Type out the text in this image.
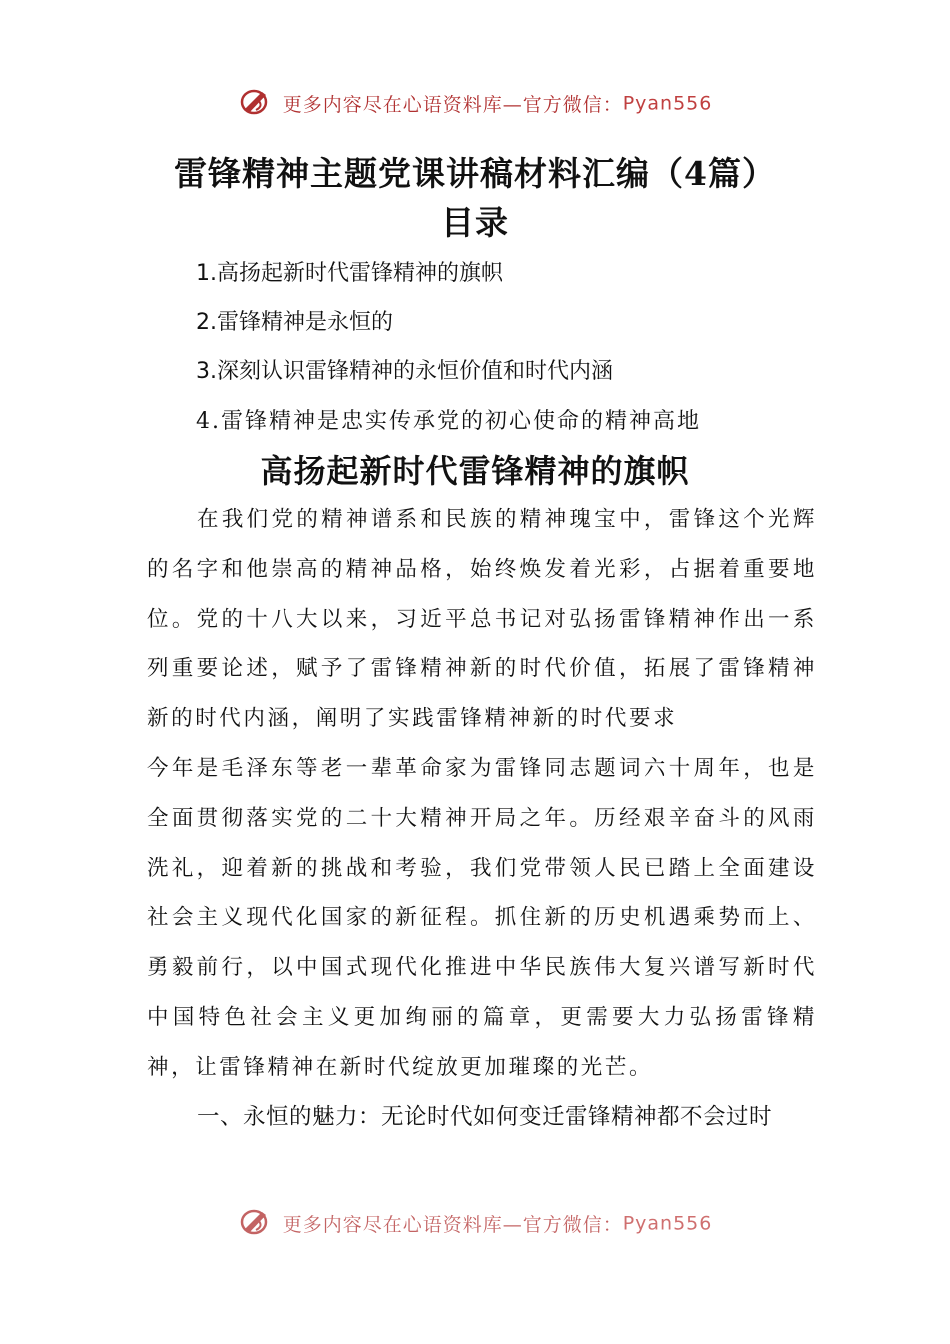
更多内容尽在心语资料库—官方微信：Pyan556
雷锋精神主题党课讲稿材料汇编（4篇）
目录
1.高扬起新时代雷锋精神的旗帜
2.雷锋精神是永恒的
3.深刻认识雷锋精神的永恒价值和时代内涵
4.雷锋精神是忠实传承党的初心使命的精神高地
高扬起新时代雷锋精神的旗帜

在我们党的精神谱系和民族的精神瑰宝中，雷锋这个光辉的名字和他崇高的精神品格，始终焕发着光彩，占据着重要地位。党的十八大以来，习近平总书记对弘扬雷锋精神作出一系列重要论述，赋予了雷锋精神新的时代价值，拓展了雷锋精神新的时代内涵，阐明了实践雷锋精神新的时代要求

今年是毛泽东等老一辈革命家为雷锋同志题词六十周年，也是全面贯彻落实党的二十大精神开局之年。历经艰辛奋斗的风雨洗礼，迎着新的挑战和考验，我们党带领人民已踏上全面建设社会主义现代化国家的新征程。抓住新的历史机遇乘势而上、勇毅前行，以中国式现代化推进中华民族伟大复兴谱写新时代中国特色社会主义更加绚丽的篇章，更需要大力弘扬雷锋精神，让雷锋精神在新时代绽放更加璀璨的光芒。

一、永恒的魅力：无论时代如何变迁雷锋精神都不会过时
更多内容尽在心语资料库—官方微信：Pyan556
